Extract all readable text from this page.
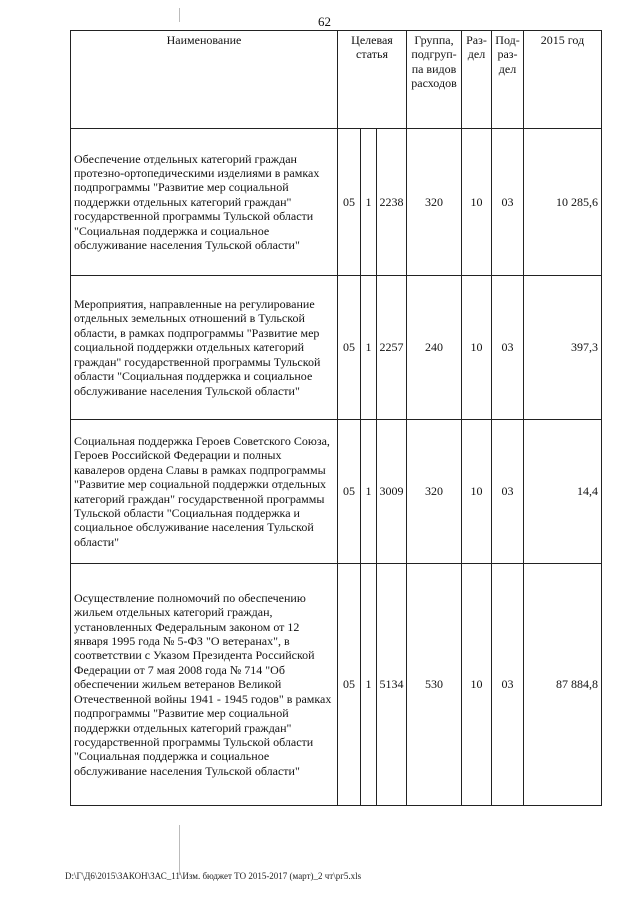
62
Наименование	Целевая статья			Группа, подгруп- па видов расходов	Раз- дел	Под- раз- дел	2015 год
Обеспечение отдельных категорий граждан протезно-ортопедическими изделиями в рамках подпрограммы "Развитие мер социальной поддержки отдельных категорий граждан" государственной программы Тульской области "Социальная поддержка и социальное обслуживание населения Тульской области"	05	1	2238	320	10	03	10 285,6
Мероприятия, направленные на регулирование отдельных земельных отношений в Тульской области, в рамках подпрограммы "Развитие мер социальной поддержки отдельных категорий граждан" государственной программы Тульской области "Социальная поддержка и социальное обслуживание населения Тульской области"	05	1	2257	240	10	03	397,3
Социальная поддержка Героев Советского Союза, Героев Российской Федерации и полных кавалеров ордена Славы в рамках подпрограммы "Развитие мер социальной поддержки отдельных категорий граждан" государственной программы Тульской области "Социальная поддержка и социальное обслуживание населения Тульской области"	05	1	3009	320	10	03	14,4
Осуществление полномочий по обеспечению жильем отдельных категорий граждан, установленных Федеральным законом от 12 января 1995 года № 5-ФЗ "О ветеранах", в соответствии с Указом Президента Российской Федерации от 7 мая 2008 года № 714 "Об обеспечении жильем ветеранов Великой Отечественной войны 1941 - 1945 годов" в рамках подпрограммы "Развитие мер социальной поддержки отдельных категорий граждан" государственной программы Тульской области "Социальная поддержка и социальное обслуживание населения Тульской области"	05	1	5134	530	10	03	87 884,8
D:\Г\Д6\2015\ЗАКОН\ЗАС_11\Изм. бюджет ТО 2015-2017 (март)_2 чт\рг5.xls
